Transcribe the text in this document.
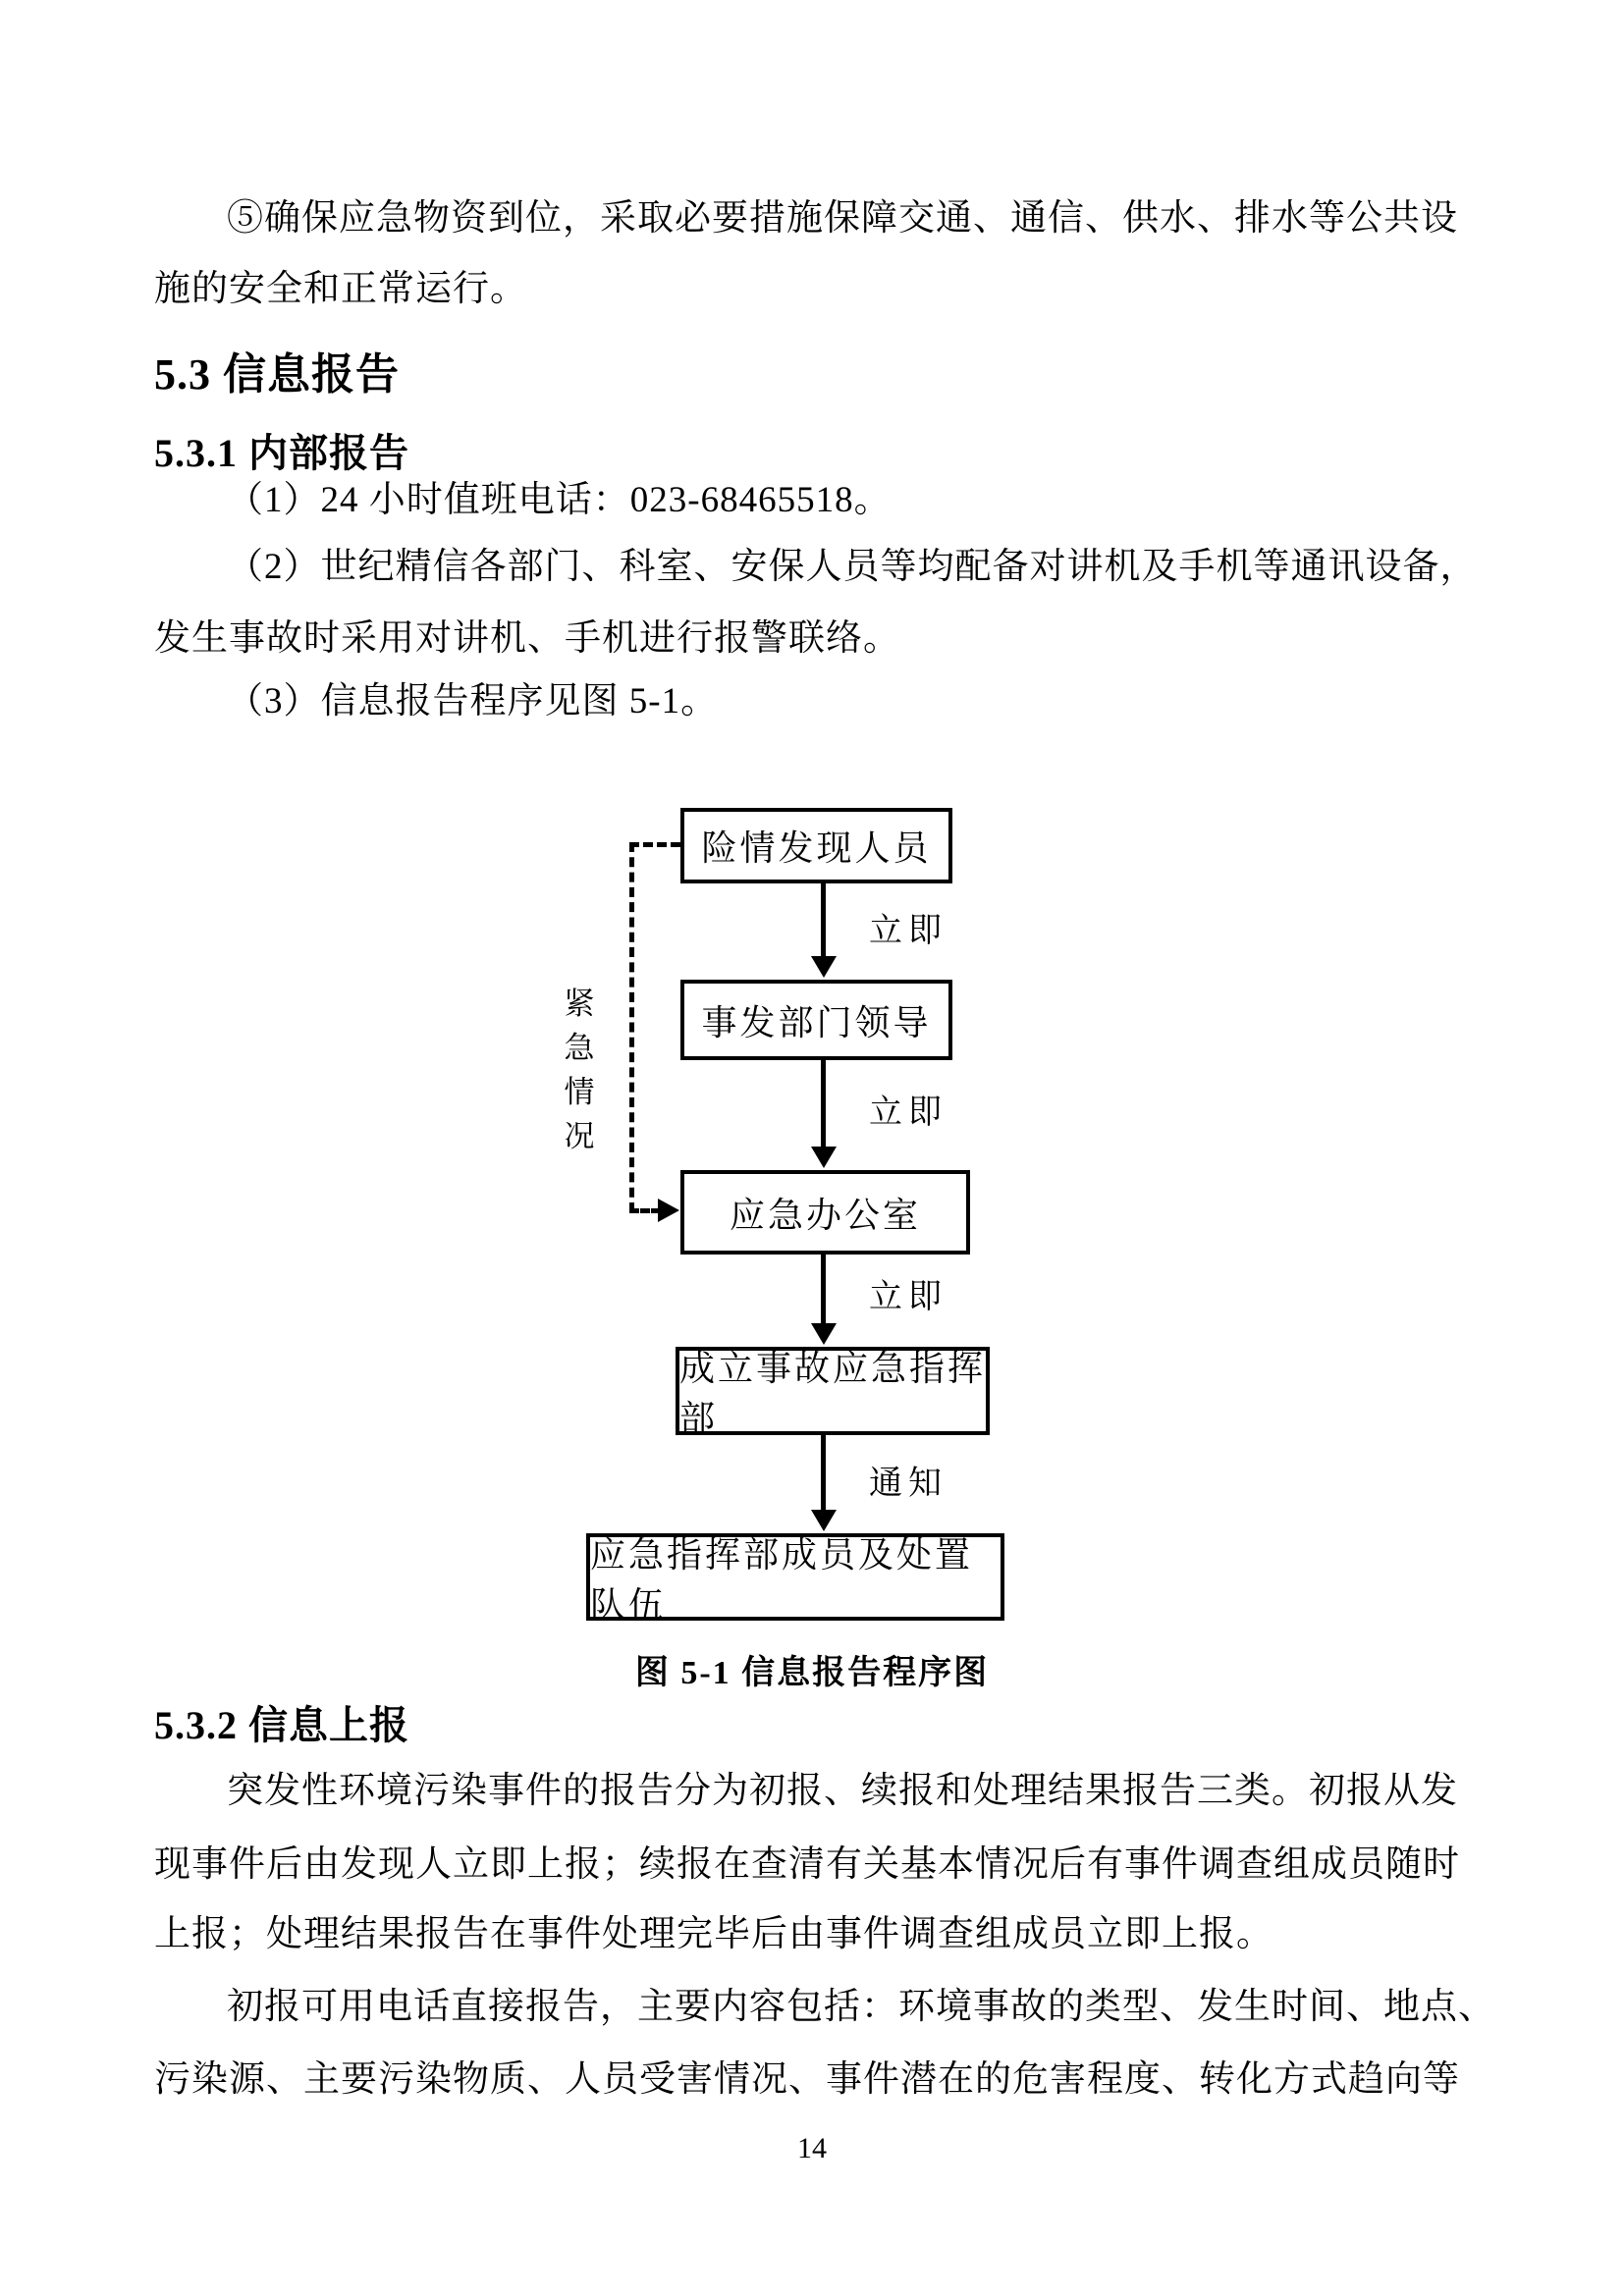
⑤确保应急物资到位，采取必要措施保障交通、通信、供水、排水等公共设
施的安全和正常运行。
5.3 信息报告
5.3.1 内部报告
（1）24 小时值班电话：023-68465518。
（2）世纪精信各部门、科室、安保人员等均配备对讲机及手机等通讯设备，
发生事故时采用对讲机、手机进行报警联络。
（3）信息报告程序见图 5-1。
紧急情况
险情发现人员
立即
事发部门领导
立即
应急办公室
立即
成立事故应急指挥部
通知
应急指挥部成员及处置队伍
图 5-1 信息报告程序图
5.3.2 信息上报
突发性环境污染事件的报告分为初报、续报和处理结果报告三类。初报从发
现事件后由发现人立即上报；续报在查清有关基本情况后有事件调查组成员随时
上报；处理结果报告在事件处理完毕后由事件调查组成员立即上报。
初报可用电话直接报告，主要内容包括：环境事故的类型、发生时间、地点、
污染源、主要污染物质、人员受害情况、事件潜在的危害程度、转化方式趋向等
14
